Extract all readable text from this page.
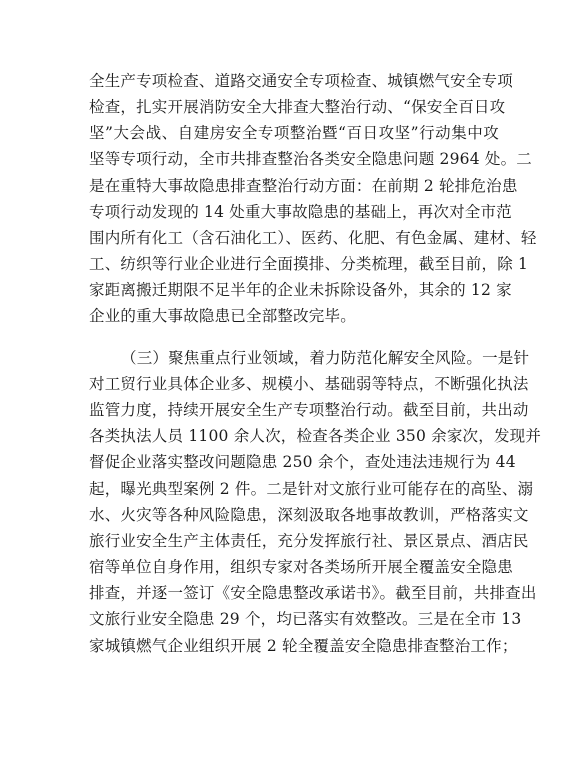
全生产专项检查、道路交通安全专项检查、城镇燃气安全专项
检查，扎实开展消防安全大排查大整治行动、“保安全百日攻
坚”大会战、自建房安全专项整治暨“百日攻坚”行动集中攻
坚等专项行动，全市共排查整治各类安全隐患问题 2964 处。二
是在重特大事故隐患排查整治行动方面：在前期 2 轮排危治患
专项行动发现的 14 处重大事故隐患的基础上，再次对全市范
围内所有化工（含石油化工）、医药、化肥、有色金属、建材、轻
工、纺织等行业企业进行全面摸排、分类梳理，截至目前，除 1
家距离搬迁期限不足半年的企业未拆除设备外，其余的 12 家
企业的重大事故隐患已全部整改完毕。
（三）聚焦重点行业领域，着力防范化解安全风险。一是针
对工贸行业具体企业多、规模小、基础弱等特点，不断强化执法
监管力度，持续开展安全生产专项整治行动。截至目前，共出动
各类执法人员 1100 余人次，检查各类企业 350 余家次，发现并
督促企业落实整改问题隐患 250 余个，查处违法违规行为 44
起，曝光典型案例 2 件。二是针对文旅行业可能存在的高坠、溺
水、火灾等各种风险隐患，深刻汲取各地事故教训，严格落实文
旅行业安全生产主体责任，充分发挥旅行社、景区景点、酒店民
宿等单位自身作用，组织专家对各类场所开展全覆盖安全隐患
排查，并逐一签订《安全隐患整改承诺书》。截至目前，共排查出
文旅行业安全隐患 29 个，均已落实有效整改。三是在全市 13
家城镇燃气企业组织开展 2 轮全覆盖安全隐患排查整治工作；
